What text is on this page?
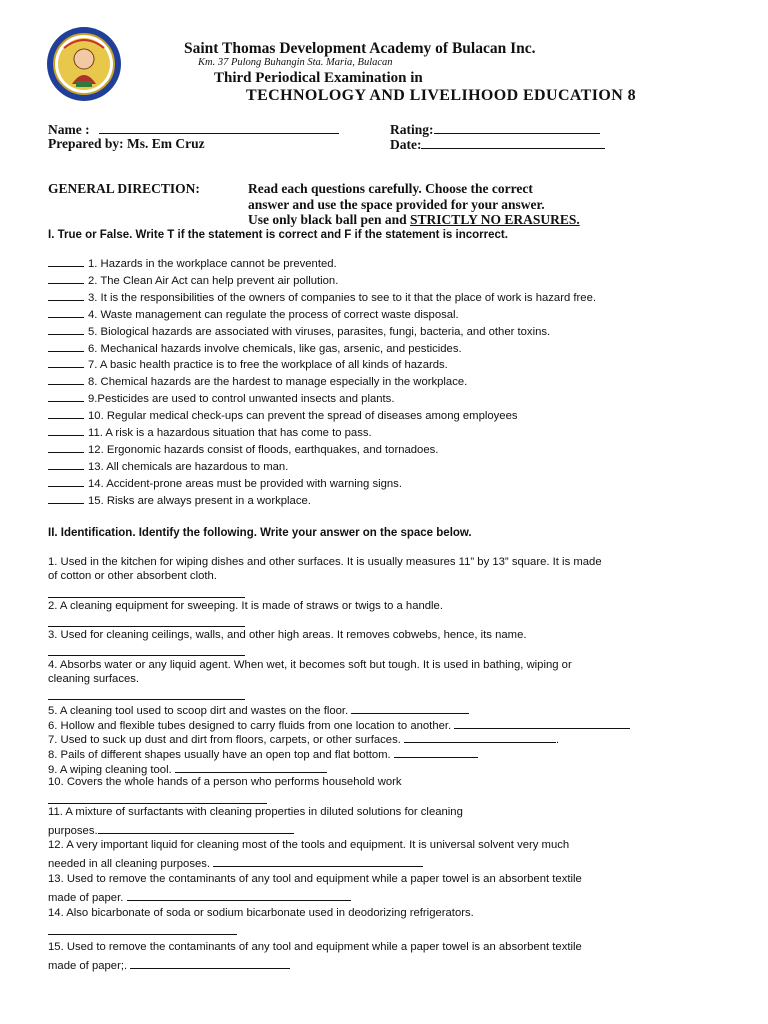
Saint Thomas Development Academy of Bulacan Inc.
Km. 37 Pulong Buhangin Sta. Maria, Bulacan
Third Periodical Examination in
TECHNOLOGY AND LIVELIHOOD EDUCATION 8
Name :	Rating:
Prepared by: Ms. Em Cruz	Date:
GENERAL DIRECTION:	Read each questions carefully. Choose the correct
answer and use the space provided for your answer.
Use only black ball pen and STRICTLY NO ERASURES.
I. True or False. Write T if the statement is correct and F if the statement is incorrect.
1. Hazards in the workplace cannot be prevented.
2. The Clean Air Act can help prevent air pollution.
3. It is the responsibilities of the owners of companies to see to it that the place of work is hazard free.
4. Waste management can regulate the process of correct waste disposal.
5. Biological hazards are associated with viruses, parasites, fungi, bacteria, and other toxins.
6. Mechanical hazards involve chemicals, like gas, arsenic, and pesticides.
7. A basic health practice is to free the workplace of all kinds of hazards.
8. Chemical hazards are the hardest to manage especially in the workplace.
9.Pesticides are used to control unwanted insects and plants.
10. Regular medical check-ups can prevent the spread of diseases among employees
11. A risk is a hazardous situation that has come to pass.
12. Ergonomic hazards consist of floods, earthquakes, and tornadoes.
13. All chemicals are hazardous to man.
14. Accident-prone areas must be provided with warning signs.
15. Risks are always present in a workplace.
II. Identification. Identify the following. Write your answer on the space below.
1. Used in the kitchen for wiping dishes and other surfaces. It is usually measures 11” by 13” square. It is made
of cotton or other absorbent cloth.
2. A cleaning equipment for sweeping. It is made of straws or twigs to a handle.
3. Used for cleaning ceilings, walls, and other high areas. It removes cobwebs, hence, its name.
4. Absorbs water or any liquid agent. When wet, it becomes soft but tough. It is used in bathing, wiping or
cleaning surfaces.
5. A cleaning tool used to scoop dirt and wastes on the floor.
6. Hollow and flexible tubes designed to carry fluids from one location to another.
7. Used to suck up dust and dirt from floors, carpets, or other surfaces.	.
8. Pails of different shapes usually have an open top and flat bottom.
9. A wiping cleaning tool.
10. Covers the whole hands of a person who performs household work
11. A mixture of surfactants with cleaning properties in diluted solutions for cleaning
purposes.
12. A very important liquid for cleaning most of the tools and equipment. It is universal solvent very much
needed in all cleaning purposes.
13. Used to remove the contaminants of any tool and equipment while a paper towel is an absorbent textile
made of paper.
14. Also bicarbonate of soda or sodium bicarbonate used in deodorizing refrigerators.
15. Used to remove the contaminants of any tool and equipment while a paper towel is an absorbent textile
made of paper;.
